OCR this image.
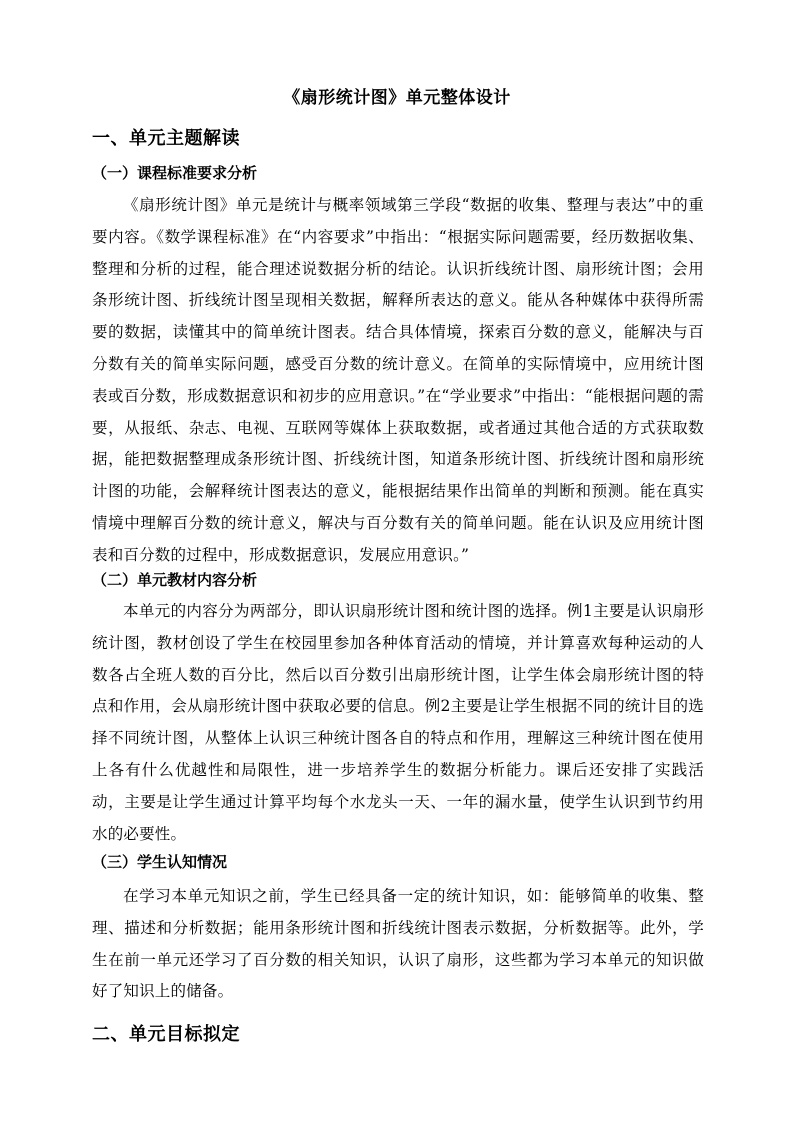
《扇形统计图》单元整体设计
一、单元主题解读
（一）课程标准要求分析
《扇形统计图》单元是统计与概率领域第三学段“数据的收集、整理与表达”中的重要内容。《数学课程标准》在“内容要求”中指出：“根据实际问题需要，经历数据收集、整理和分析的过程，能合理述说数据分析的结论。认识折线统计图、扇形统计图；会用条形统计图、折线统计图呈现相关数据，解释所表达的意义。能从各种媒体中获得所需要的数据，读懂其中的简单统计图表。结合具体情境，探索百分数的意义，能解决与百分数有关的简单实际问题，感受百分数的统计意义。在简单的实际情境中，应用统计图表或百分数，形成数据意识和初步的应用意识。”在“学业要求”中指出：“能根据问题的需要，从报纸、杂志、电视、互联网等媒体上获取数据，或者通过其他合适的方式获取数据，能把数据整理成条形统计图、折线统计图，知道条形统计图、折线统计图和扇形统计图的功能，会解释统计图表达的意义，能根据结果作出简单的判断和预测。能在真实情境中理解百分数的统计意义，解决与百分数有关的简单问题。能在认识及应用统计图表和百分数的过程中，形成数据意识，发展应用意识。”
（二）单元教材内容分析
本单元的内容分为两部分，即认识扇形统计图和统计图的选择。例1主要是认识扇形统计图，教材创设了学生在校园里参加各种体育活动的情境，并计算喜欢每种运动的人数各占全班人数的百分比，然后以百分数引出扇形统计图，让学生体会扇形统计图的特点和作用，会从扇形统计图中获取必要的信息。例2主要是让学生根据不同的统计目的选择不同统计图，从整体上认识三种统计图各自的特点和作用，理解这三种统计图在使用上各有什么优越性和局限性，进一步培养学生的数据分析能力。课后还安排了实践活动，主要是让学生通过计算平均每个水龙头一天、一年的漏水量，使学生认识到节约用水的必要性。
（三）学生认知情况
在学习本单元知识之前，学生已经具备一定的统计知识，如：能够简单的收集、整理、描述和分析数据；能用条形统计图和折线统计图表示数据，分析数据等。此外，学生在前一单元还学习了百分数的相关知识，认识了扇形，这些都为学习本单元的知识做好了知识上的储备。
二、单元目标拟定
